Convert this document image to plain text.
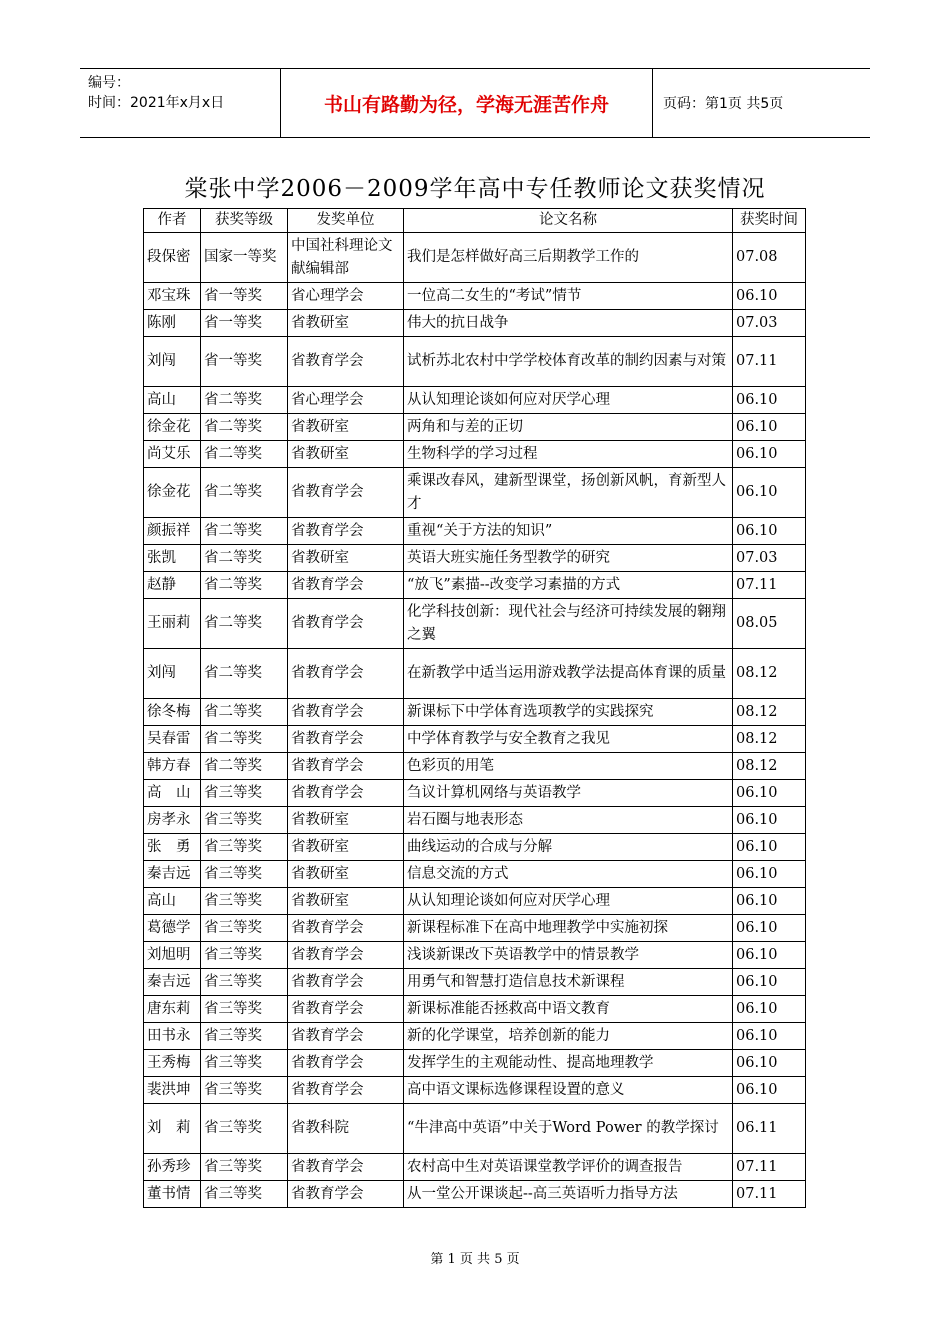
编号：
时间：2021年x月x日	书山有路勤为径，学海无涯苦作舟	页码：第1页 共5页
棠张中学2006－2009学年高中专任教师论文获奖情况
作者	获奖等级	发奖单位	论文名称	获奖时间
段保密	国家一等奖	中国社科理论文献编辑部	我们是怎样做好高三后期教学工作的	07.08
邓宝珠	省一等奖	省心理学会	一位高二女生的“考试”情节	06.10
陈刚	省一等奖	省教研室	伟大的抗日战争	07.03
刘闯	省一等奖	省教育学会	试析苏北农村中学学校体育改革的制约因素与对策	07.11
高山	省二等奖	省心理学会	从认知理论谈如何应对厌学心理	06.10
徐金花	省二等奖	省教研室	两角和与差的正切	06.10
尚艾乐	省二等奖	省教研室	生物科学的学习过程	06.10
徐金花	省二等奖	省教育学会	乘课改春风，建新型课堂，扬创新风帆，育新型人才	06.10
颜振祥	省二等奖	省教育学会	重视“关于方法的知识”	06.10
张凯	省二等奖	省教研室	英语大班实施任务型教学的研究	07.03
赵静	省二等奖	省教育学会	“放飞”素描--改变学习素描的方式	07.11
王丽莉	省二等奖	省教育学会	化学科技创新：现代社会与经济可持续发展的翱翔之翼	08.05
刘闯	省二等奖	省教育学会	在新教学中适当运用游戏教学法提高体育课的质量	08.12
徐冬梅	省二等奖	省教育学会	新课标下中学体育选项教学的实践探究	08.12
吴春雷	省二等奖	省教育学会	中学体育教学与安全教育之我见	08.12
韩方春	省二等奖	省教育学会	色彩页的用笔	08.12
高　山	省三等奖	省教育学会	刍议计算机网络与英语教学	06.10
房孝永	省三等奖	省教研室	岩石圈与地表形态	06.10
张　勇	省三等奖	省教研室	曲线运动的合成与分解	06.10
秦吉远	省三等奖	省教研室	信息交流的方式	06.10
高山	省三等奖	省教研室	从认知理论谈如何应对厌学心理	06.10
葛德学	省三等奖	省教育学会	新课程标准下在高中地理教学中实施初探	06.10
刘旭明	省三等奖	省教育学会	浅谈新课改下英语教学中的情景教学	06.10
秦吉远	省三等奖	省教育学会	用勇气和智慧打造信息技术新课程	06.10
唐东莉	省三等奖	省教育学会	新课标准能否拯救高中语文教育	06.10
田书永	省三等奖	省教育学会	新的化学课堂，培养创新的能力	06.10
王秀梅	省三等奖	省教育学会	发挥学生的主观能动性、提高地理教学	06.10
裴洪坤	省三等奖	省教育学会	高中语文课标选修课程设置的意义	06.10
刘　莉	省三等奖	省教科院	“牛津高中英语”中关于Word Power 的教学探讨	06.11
孙秀珍	省三等奖	省教育学会	农村高中生对英语课堂教学评价的调查报告	07.11
董书情	省三等奖	省教育学会	从一堂公开课谈起--高三英语听力指导方法	07.11
第 1 页 共 5 页
